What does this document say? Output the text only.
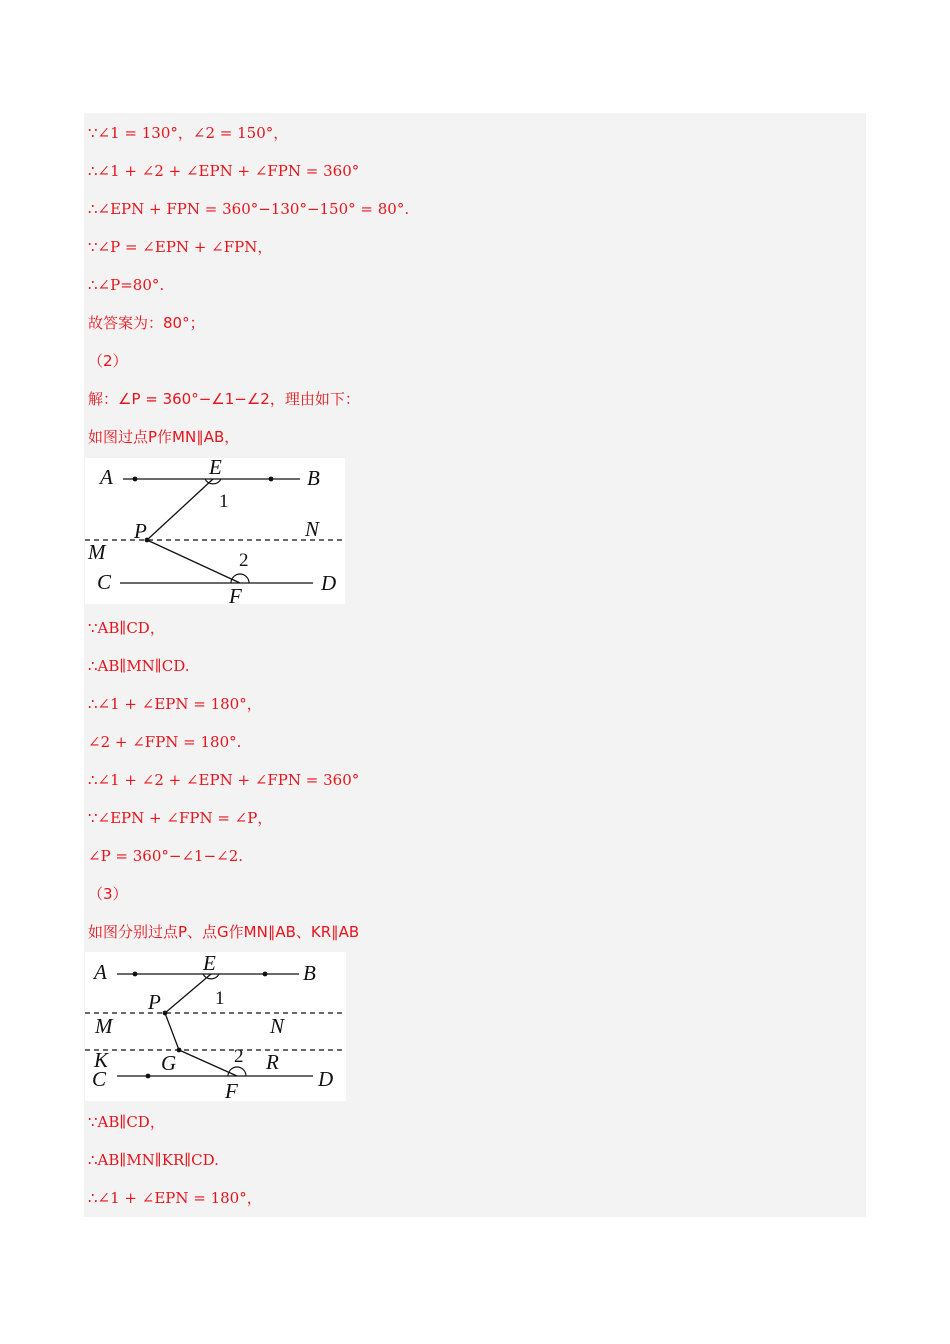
∵∠1 = 130°，∠2 = 150°，
∴∠1 + ∠2 + ∠EPN + ∠FPN = 360°
∴∠EPN + FPN = 360°−130°−150° = 80°.
∵∠P = ∠EPN + ∠FPN，
∴∠P=80°.
故答案为：80°；
（2）
解：∠P = 360°−∠1−∠2，理由如下：
如图过点P作MN∥AB，
A	B
E
1
P	N
M	2
C	D
F
∵AB∥CD，
∴AB∥MN∥CD.
∴∠1 + ∠EPN = 180°，
∠2 + ∠FPN = 180°.
∴∠1 + ∠2 + ∠EPN + ∠FPN = 360°
∵∠EPN + ∠FPN = ∠P，
∠P = 360°−∠1−∠2.
（3）
如图分别过点P、点G作MN∥AB、KR∥AB
A	E	B
P	1
M	N
K	G	2 R
C	F	D
∵AB∥CD，
∴AB∥MN∥KR∥CD.
∴∠1 + ∠EPN = 180°，
